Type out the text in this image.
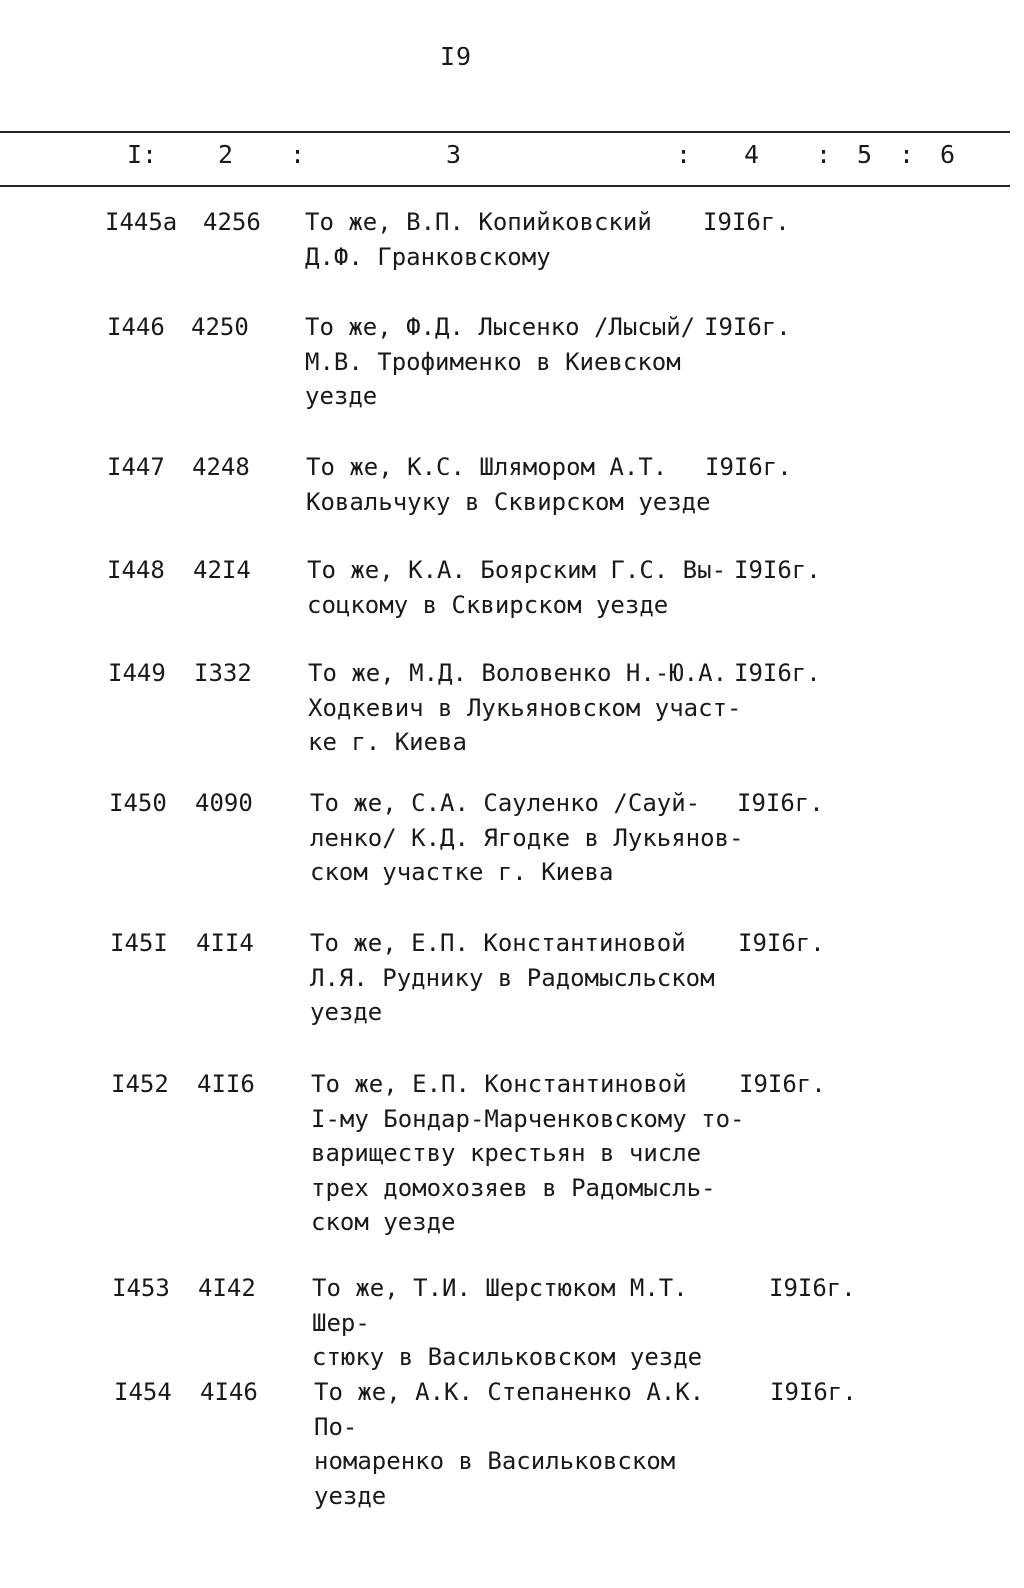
I9
I: 2 :	3	: 4 : 5 : 6
I445а 4256 То же, В.П. Копийковский
Д.Ф. Гранковскому
I9I6г.
I446 4250 То же, Ф.Д. Лысенко /Лысый/
М.В. Трофименко в Киевском
уезде
I9I6г.
I447 4248 То же, К.С. Шлямором А.Т.
Ковальчуку в Сквирском уезде
I9I6г.
I448 42I4 То же, К.А. Боярским Г.С. Вы-
соцкому в Сквирском уезде
I9I6г.
I449 I332 То же, М.Д. Воловенко Н.-Ю.А.
Ходкевич в Лукьяновском участ-
ке г. Киева
I9I6г.
I450 4090 То же, С.А. Сауленко /Сауй-
ленко/ К.Д. Ягодке в Лукьянов-
ском участке г. Киева
I9I6г.
I45I 4II4 То же, Е.П. Константиновой
Л.Я. Руднику в Радомысльском
уезде
I9I6г.
I452 4II6 То же, Е.П. Константиновой
I-му Бондар-Марченковскому то-
вариществу крестьян в числе
трех домохозяев в Радомысль-
ском уезде
I9I6г.
I453 4I42 То же, Т.И. Шерстюком М.Т. Шер-
стюку в Васильковском уезде
I9I6г.
I454 4I46 То же, А.К. Степаненко А.К. По-
номаренко в Васильковском уезде
I9I6г.
